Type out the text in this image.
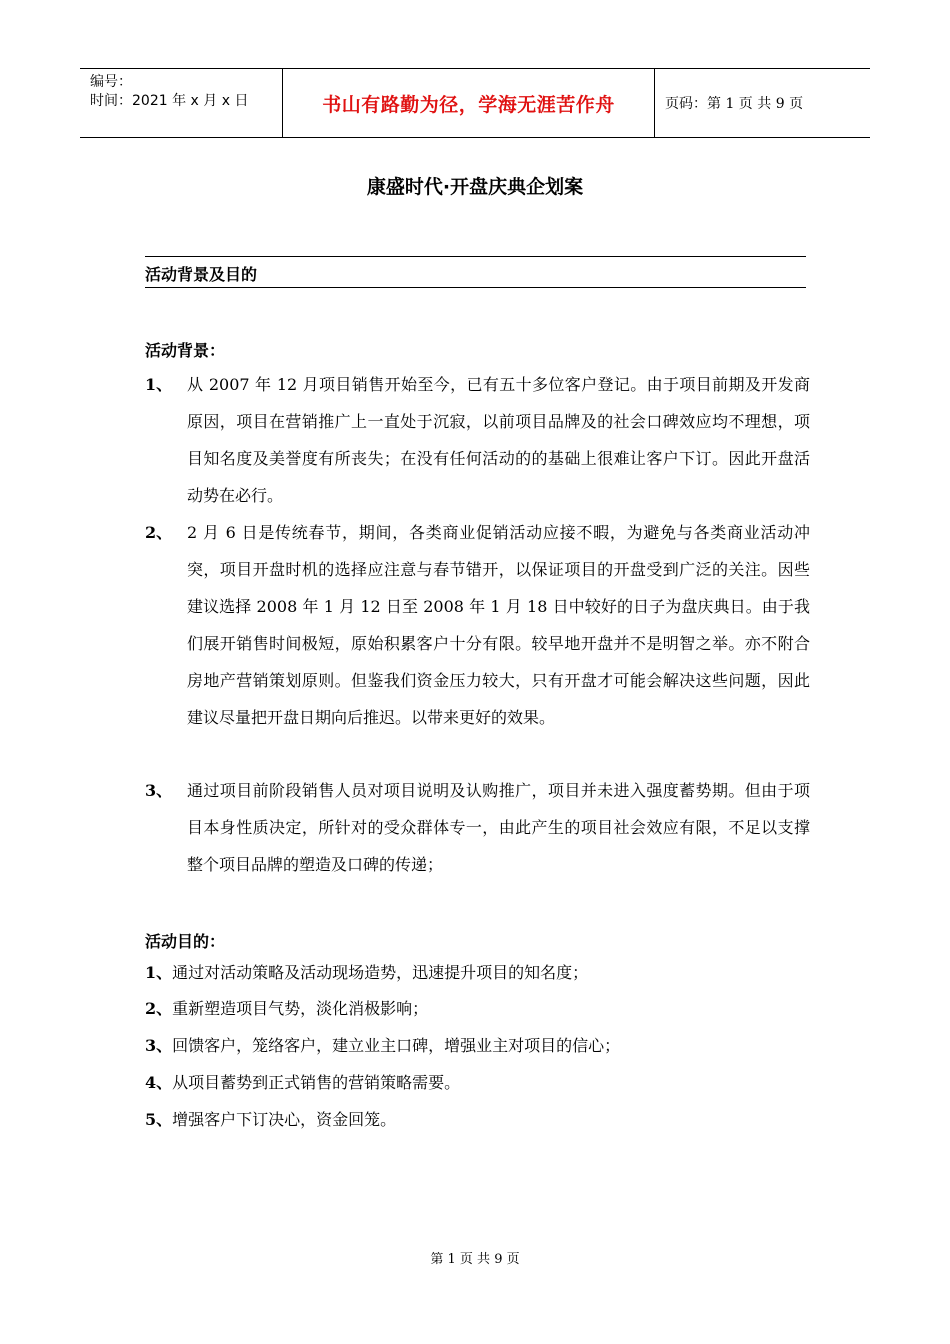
编号：
时间：2021 年 x 月 x 日	书山有路勤为径，学海无涯苦作舟	页码：第 1 页 共 9 页
康盛时代·开盘庆典企划案
活动背景及目的
活动背景：
1、 从 2007 年 12 月项目销售开始至今，已有五十多位客户登记。由于项目前期及开发商原因，项目在营销推广上一直处于沉寂，以前项目品牌及的社会口碑效应均不理想，项目知名度及美誉度有所丧失；在没有任何活动的的基础上很难让客户下订。因此开盘活动势在必行。
2、 2 月 6 日是传统春节，期间，各类商业促销活动应接不暇，为避免与各类商业活动冲突，项目开盘时机的选择应注意与春节错开，以保证项目的开盘受到广泛的关注。因些建议选择 2008 年 1 月 12 日至 2008 年 1 月 18 日中较好的日子为盘庆典日。由于我们展开销售时间极短，原始积累客户十分有限。较早地开盘并不是明智之举。亦不附合房地产营销策划原则。但鉴我们资金压力较大，只有开盘才可能会解决这些问题，因此建议尽量把开盘日期向后推迟。以带来更好的效果。
3、 通过项目前阶段销售人员对项目说明及认购推广，项目并未进入强度蓄势期。但由于项目本身性质决定，所针对的受众群体专一，由此产生的项目社会效应有限，不足以支撑整个项目品牌的塑造及口碑的传递；
活动目的：
1、通过对活动策略及活动现场造势，迅速提升项目的知名度；
2、重新塑造项目气势，淡化消极影响；
3、回馈客户，笼络客户，建立业主口碑，增强业主对项目的信心；
4、从项目蓄势到正式销售的营销策略需要。
5、增强客户下订决心，资金回笼。
第 1 页 共 9 页
